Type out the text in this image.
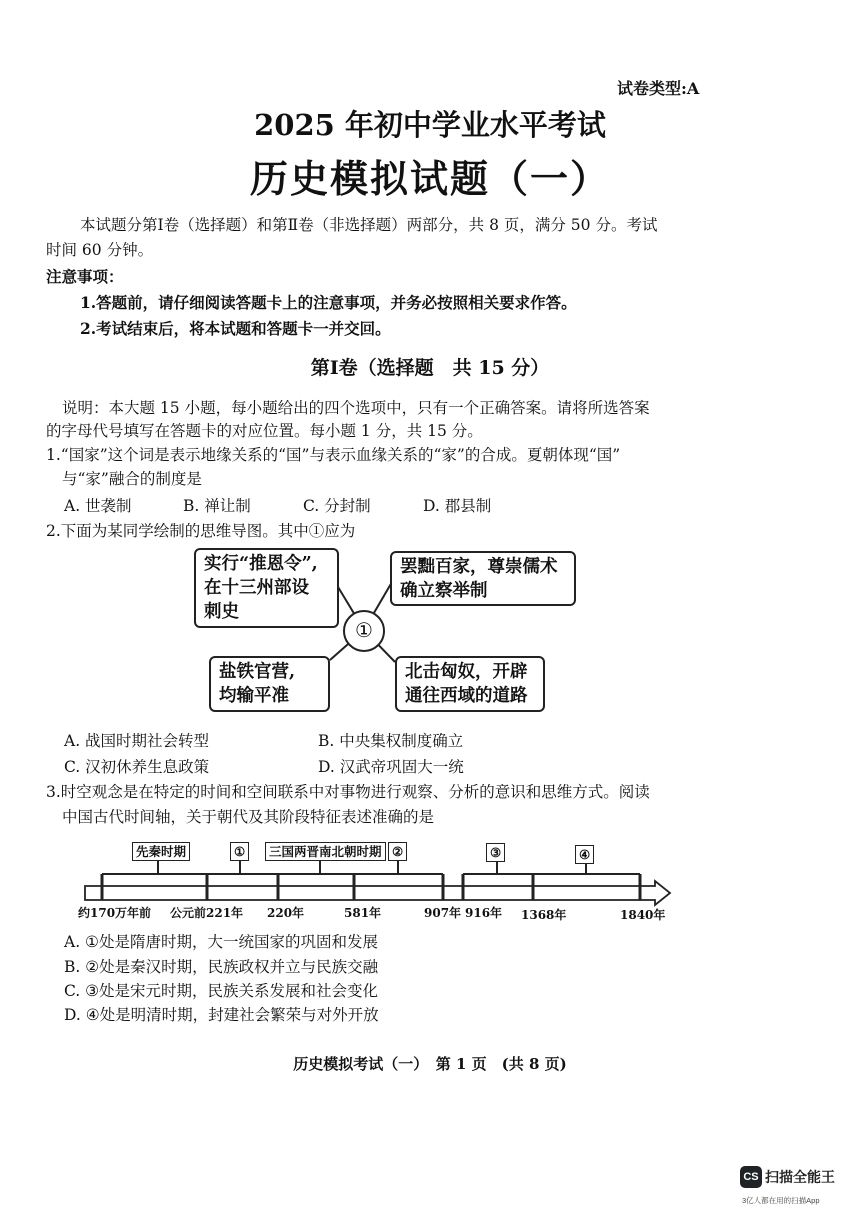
试卷类型:A
2025 年初中学业水平考试
历史模拟试题（一）
本试题分第Ⅰ卷（选择题）和第Ⅱ卷（非选择题）两部分，共 8 页，满分 50 分。考试
时间 60 分钟。
注意事项：
1.答题前，请仔细阅读答题卡上的注意事项，并务必按照相关要求作答。
2.考试结束后，将本试题和答题卡一并交回。
第Ⅰ卷（选择题　共 15 分）
说明：本大题 15 小题，每小题给出的四个选项中，只有一个正确答案。请将所选答案
的字母代号填写在答题卡的对应位置。每小题 1 分，共 15 分。
1.“国家”这个词是表示地缘关系的“国”与表示血缘关系的“家”的合成。夏朝体现“国”
与“家”融合的制度是
A. 世袭制	B. 禅让制	C. 分封制	D. 郡县制
2.下面为某同学绘制的思维导图。其中①应为
实行“推恩令”,
在十三州部设
刺史
罢黜百家，尊崇儒术
确立察举制
①
盐铁官营,
均输平准
北击匈奴，开辟
通往西域的道路
A. 战国时期社会转型	B. 中央集权制度确立
C. 汉初休养生息政策	D. 汉武帝巩固大一统
3.时空观念是在特定的时间和空间联系中对事物进行观察、分析的意识和思维方式。阅读
中国古代时间轴，关于朝代及其阶段特征表述准确的是
先秦时期	①	三国两晋南北朝时期 ②	③	④
约170万年前 公元前221年 220年	581年	907年 916年 1368年	1840年
A. ①处是隋唐时期，大一统国家的巩固和发展
B. ②处是秦汉时期，民族政权并立与民族交融
C. ③处是宋元时期，民族关系发展和社会变化
D. ④处是明清时期，封建社会繁荣与对外开放
历史模拟考试（一）　第 1 页　(共 8 页)
CS 扫描全能王
3亿人都在用的扫描App
